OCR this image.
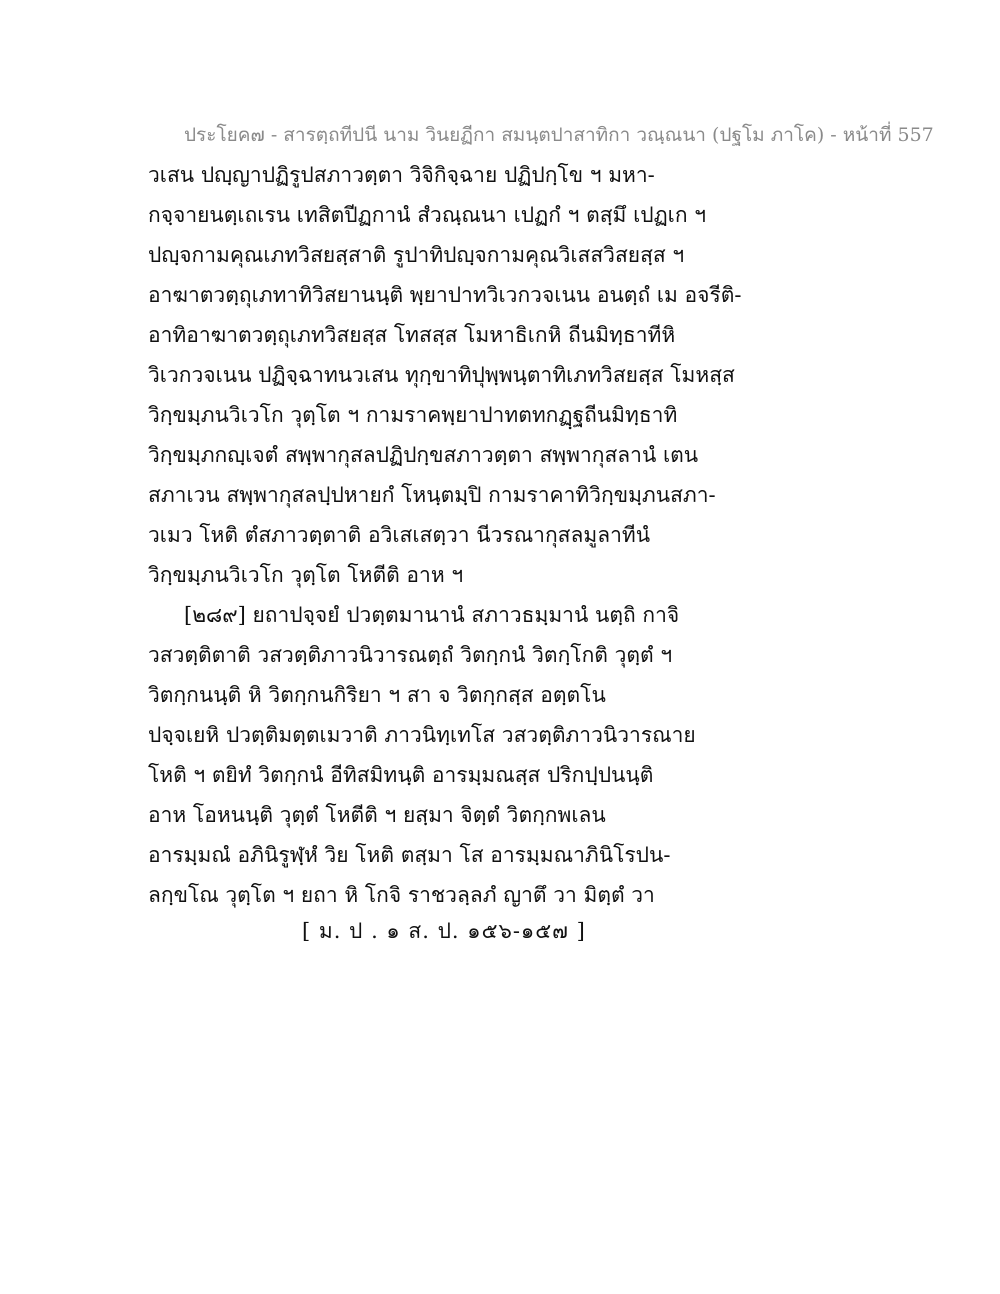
ประโยค๗ - สารตฺถทีปนี นาม วินยฏีกา สมนฺตปาสาทิกา วณฺณนา (ปฐโม ภาโค) - หน้าที่ 557
วเสน ปญฺญาปฏิรูปสภาวตฺตา วิจิกิจฺฉาย ปฏิปกฺโข ฯ มหา-
กจฺจายนตฺเถเรน เทสิตปีฏกานํ สํวณฺณนา เปฏกํ ฯ ตสฺมึ เปฏเก ฯ
ปญฺจกามคุณเภทวิสยสฺสาติ รูปาทิปญฺจกามคุณวิเสสวิสยสฺส ฯ
อาฆาตวตฺถุเภทาทิวิสยานนฺติ พฺยาปาทวิเวกวจเนน อนตฺถํ เม อจรีติ-
อาทิอาฆาตวตฺถุเภทวิสยสฺส โทสสฺส โมหาธิเกหิ ถีนมิทฺธาทีหิ
วิเวกวจเนน ปฏิจฺฉาทนวเสน ทุกฺขาทิปุพฺพนฺตาทิเภทวิสยสฺส โมหสฺส
วิกฺขมฺภนวิเวโก วุตฺโต ฯ กามราคพฺยาปาทตทกฏฺฐถีนมิทฺธาทิ
วิกฺขมฺภกญฺเจตํ สพฺพากุสลปฏิปกฺขสภาวตฺตา สพฺพากุสลานํ เตน
สภาเวน สพฺพากุสลปฺปหายกํ โหนฺตมฺปิ กามราคาทิวิกฺขมฺภนสภา-
วเมว โหติ ตํสภาวตฺตาติ อวิเสเสตฺวา นีวรณากุสลมูลาทีนํ
วิกฺขมฺภนวิเวโก วุตฺโต โหตีติ อาห ฯ
[๒๘๙] ยถาปจฺจยํ ปวตฺตมานานํ สภาวธมฺมานํ นตฺถิ กาจิ
วสวตฺติตาติ วสวตฺติภาวนิวารณตฺถํ วิตกฺกนํ วิตกฺโกติ วุตฺตํ ฯ
วิตกฺกนนฺติ หิ วิตกฺกนกิริยา ฯ สา จ วิตกฺกสฺส อตฺตโน
ปจฺจเยหิ ปวตฺติมตฺตเมวาติ ภาวนิทฺเทโส วสวตฺติภาวนิวารณาย
โหติ ฯ ตยิทํ วิตกฺกนํ อีทิสมิทนฺติ อารมฺมณสฺส ปริกปฺปนนฺติ
อาห โอหนนฺติ วุตฺตํ โหตีติ ฯ ยสฺมา จิตฺตํ วิตกฺกพเลน
อารมฺมณํ อภินิรูฬฺหํ วิย โหติ ตสฺมา โส อารมฺมณาภินิโรปน-
ลกฺขโณ วุตฺโต ฯ ยถา หิ โกจิ ราชวลฺลภํ ญาตึ วา มิตฺตํ วา
[ ม. ป . ๑ ส. ป. ๑๕๖-๑๕๗ ]
